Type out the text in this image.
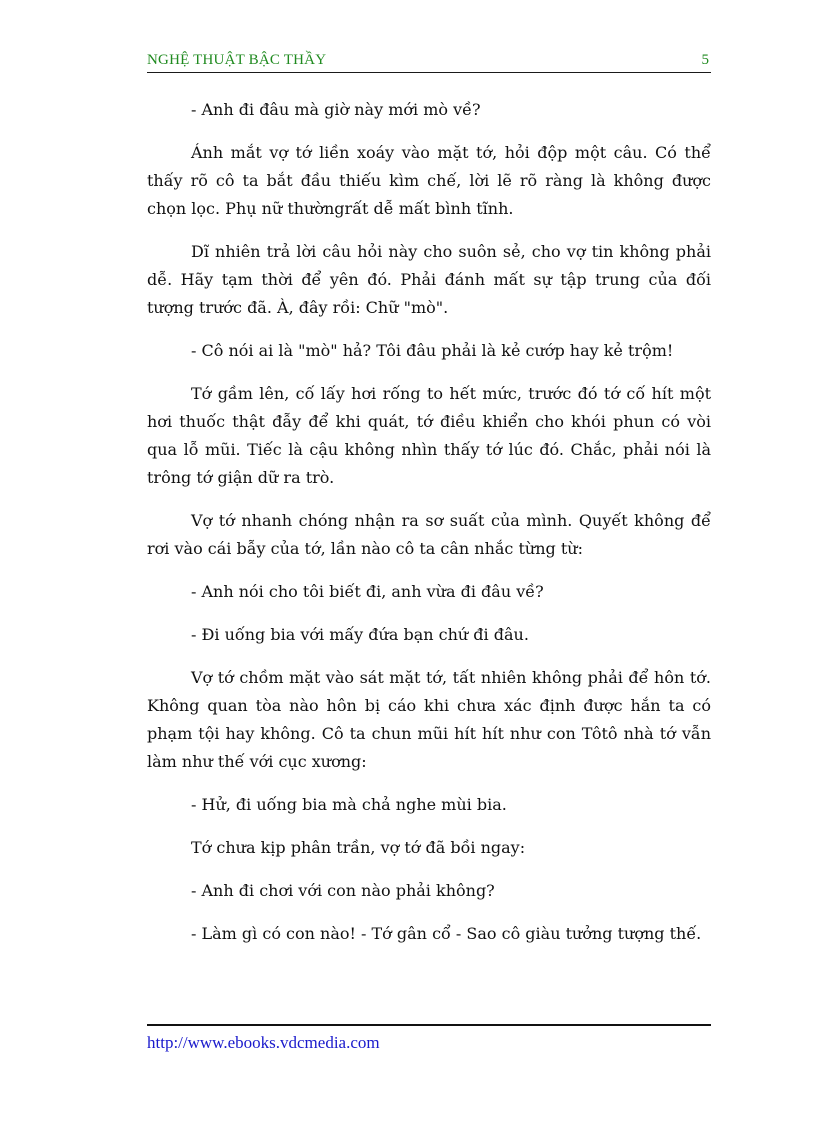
NGHỆ THUẬT BẬC THẦY	5

- Anh đi đâu mà giờ này mới mò về?

Ánh mắt vợ tớ liền xoáy vào mặt tớ, hỏi độp một câu. Có thể thấy rõ cô ta bắt đầu thiếu kìm chế, lời lẽ rõ ràng là không được chọn lọc. Phụ nữ thườngrất dễ mất bình tĩnh.

Dĩ nhiên trả lời câu hỏi này cho suôn sẻ, cho vợ tin không phải dễ. Hãy tạm thời để yên đó. Phải đánh mất sự tập trung của đối tượng trước đã. À, đây rồi: Chữ "mò".

- Cô nói ai là "mò" hả? Tôi đâu phải là kẻ cướp hay kẻ trộm!

Tớ gầm lên, cố lấy hơi rống to hết mức, trước đó tớ cố hít một hơi thuốc thật đẫy để khi quát, tớ điều khiển cho khói phun có vòi qua lỗ mũi. Tiếc là cậu không nhìn thấy tớ lúc đó. Chắc, phải nói là trông tớ giận dữ ra trò.

Vợ tớ nhanh chóng nhận ra sơ suất của mình. Quyết không để rơi vào cái bẫy của tớ, lần nào cô ta cân nhắc từng từ:

- Anh nói cho tôi biết đi, anh vừa đi đâu về?

- Đi uống bia với mấy đứa bạn chứ đi đâu.

Vợ tớ chồm mặt vào sát mặt tớ, tất nhiên không phải để hôn tớ. Không quan tòa nào hôn bị cáo khi chưa xác định được hắn ta có phạm tội hay không. Cô ta chun mũi hít hít như con Tôtô nhà tớ vẫn làm như thế với cục xương:

- Hử, đi uống bia mà chả nghe mùi bia.

Tớ chưa kịp phân trần, vợ tớ đã bồi ngay:

- Anh đi chơi với con nào phải không?

- Làm gì có con nào! - Tớ gân cổ - Sao cô giàu tưởng tượng thế.

http://www.ebooks.vdcmedia.com
